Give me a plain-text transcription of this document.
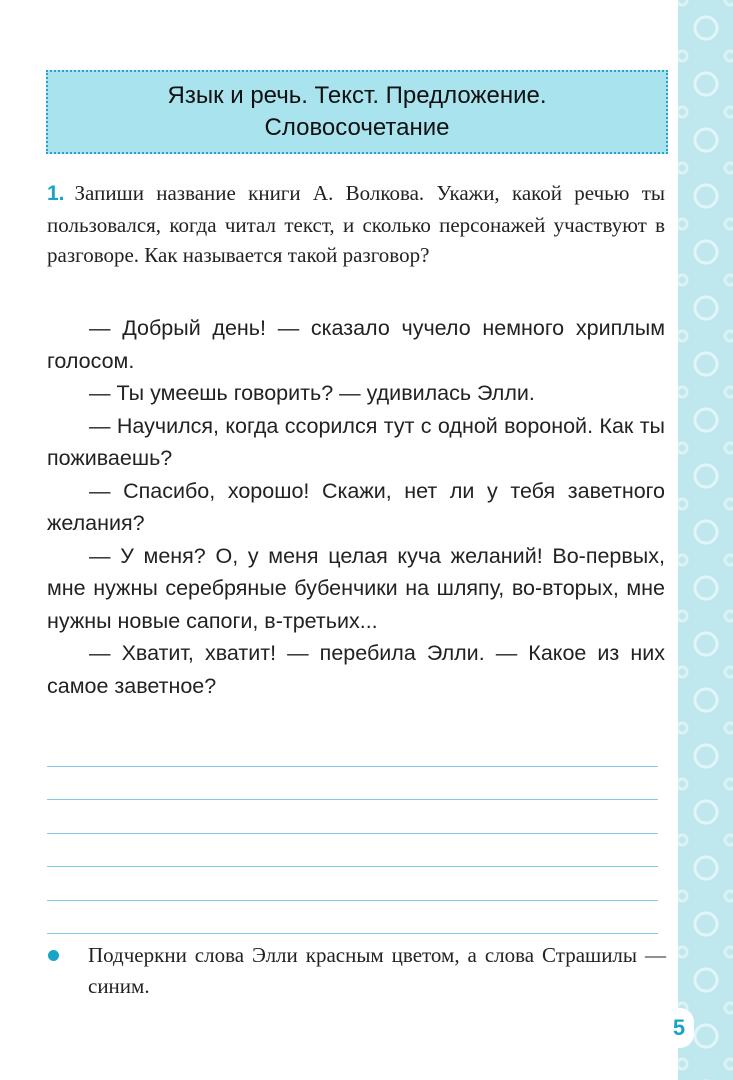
Язык и речь. Текст. Предложение.
Словосочетание
1. Запиши название книги А. Волкова. Укажи, какой речью ты пользовался, когда читал текст, и сколько персонажей участвуют в разговоре. Как называется такой разговор?

— Добрый день! — сказало чучело немного хриплым голосом.

— Ты умеешь говорить? — удивилась Элли.

— Научился, когда ссорился тут с одной вороной. Как ты поживаешь?

— Спасибо, хорошо! Скажи, нет ли у тебя заветного желания?

— У меня? О, у меня целая куча желаний! Во-первых, мне нужны серебряные бубенчики на шляпу, во-вторых, мне нужны новые сапоги, в-третьих...

— Хватит, хватит! — перебила Элли. — Какое из них самое заветное?

Подчеркни слова Элли красным цветом, а слова Страшилы — синим.
5
